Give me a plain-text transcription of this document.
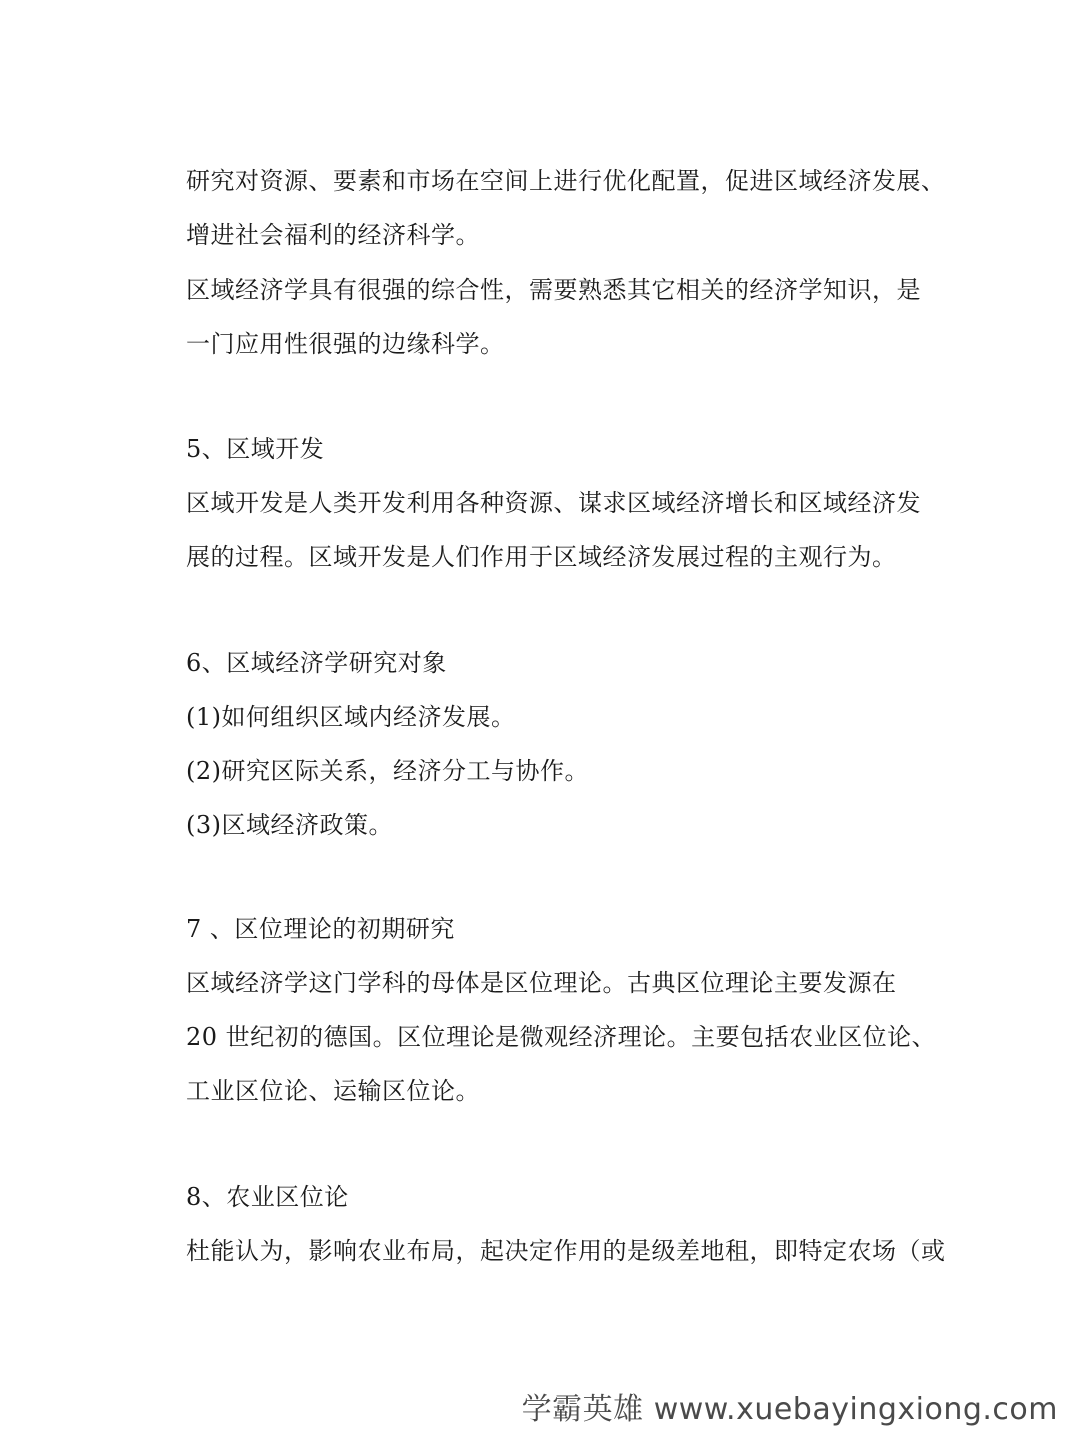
研究对资源、要素和市场在空间上进行优化配置，促进区域经济发展、
增进社会福利的经济科学。
区域经济学具有很强的综合性，需要熟悉其它相关的经济学知识，是
一门应用性很强的边缘科学。
5、区域开发
区域开发是人类开发利用各种资源、谋求区域经济增长和区域经济发
展的过程。区域开发是人们作用于区域经济发展过程的主观行为。
6、区域经济学研究对象
(1)如何组织区域内经济发展。
(2)研究区际关系，经济分工与协作。
(3)区域经济政策。
7 、区位理论的初期研究
区域经济学这门学科的母体是区位理论。古典区位理论主要发源在
20 世纪初的德国。区位理论是微观经济理论。主要包括农业区位论、
工业区位论、运输区位论。
8、农业区位论
杜能认为，影响农业布局，起决定作用的是级差地租，即特定农场（或
学霸英雄 www.xuebayingxiong.com
